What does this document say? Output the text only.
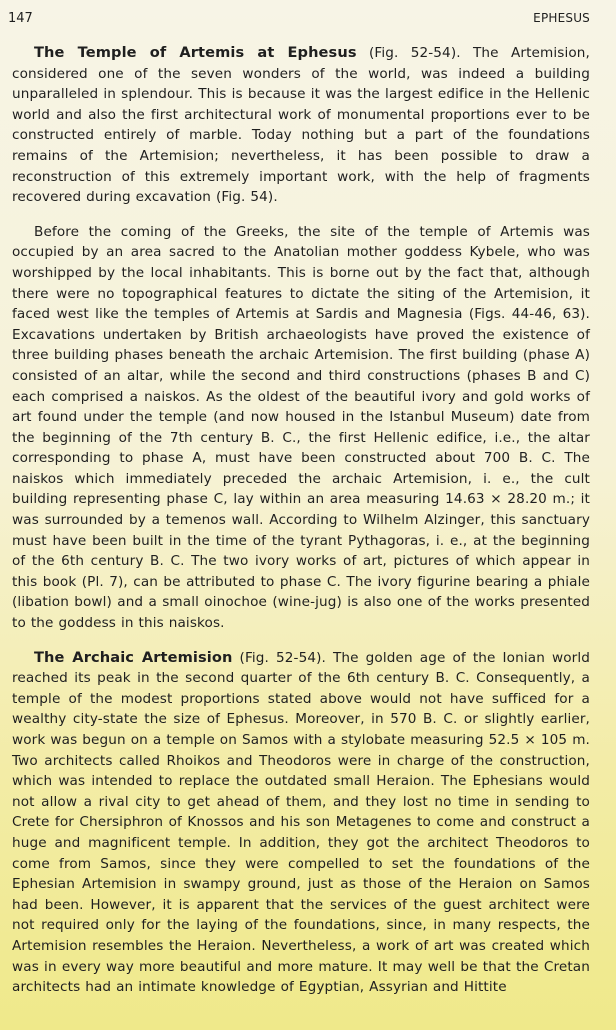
147	EPHESUS

The Temple of Artemis at Ephesus (Fig. 52-54). The Artemision, considered one of the seven wonders of the world, was indeed a building unparalleled in splendour. This is because it was the largest edifice in the Hellenic world and also the first architectural work of monumental proportions ever to be constructed entirely of marble. Today nothing but a part of the foundations remains of the Artemision; nevertheless, it has been possible to draw a reconstruction of this extremely important work, with the help of fragments recovered during excavation (Fig. 54).

Before the coming of the Greeks, the site of the temple of Artemis was occupied by an area sacred to the Anatolian mother goddess Kybele, who was worshipped by the local inhabitants. This is borne out by the fact that, although there were no topographical features to dictate the siting of the Artemision, it faced west like the temples of Artemis at Sardis and Magnesia (Figs. 44-46, 63). Excavations undertaken by British archaeologists have proved the existence of three building phases beneath the archaic Artemision. The first building (phase A) consisted of an altar, while the second and third constructions (phases B and C) each comprised a naiskos. As the oldest of the beautiful ivory and gold works of art found under the temple (and now housed in the Istanbul Museum) date from the beginning of the 7th century B. C., the first Hellenic edifice, i.e., the altar corresponding to phase A, must have been constructed about 700 B. C. The naiskos which immediately preceded the archaic Artemision, i. e., the cult building representing phase C, lay within an area measuring 14.63 × 28.20 m.; it was surrounded by a temenos wall. According to Wilhelm Alzinger, this sanctuary must have been built in the time of the tyrant Pythagoras, i. e., at the beginning of the 6th century B. C. The two ivory works of art, pictures of which appear in this book (Pl. 7), can be attributed to phase C. The ivory figurine bearing a phiale (libation bowl) and a small oinochoe (wine-jug) is also one of the works presented to the goddess in this naiskos.

The Archaic Artemision (Fig. 52-54). The golden age of the Ionian world reached its peak in the second quarter of the 6th century B. C. Consequently, a temple of the modest proportions stated above would not have sufficed for a wealthy city-state the size of Ephesus. Moreover, in 570 B. C. or slightly earlier, work was begun on a temple on Samos with a stylobate measuring 52.5 × 105 m. Two architects called Rhoikos and Theodoros were in charge of the construction, which was intended to replace the outdated small Heraion. The Ephesians would not allow a rival city to get ahead of them, and they lost no time in sending to Crete for Chersiphron of Knossos and his son Metagenes to come and construct a huge and magnificent temple. In addition, they got the architect Theodoros to come from Samos, since they were compelled to set the foundations of the Ephesian Artemision in swampy ground, just as those of the Heraion on Samos had been. However, it is apparent that the services of the guest architect were not required only for the laying of the foundations, since, in many respects, the Artemision resembles the Heraion. Nevertheless, a work of art was created which was in every way more beautiful and more mature. It may well be that the Cretan architects had an intimate knowledge of Egyptian, Assyrian and Hittite
